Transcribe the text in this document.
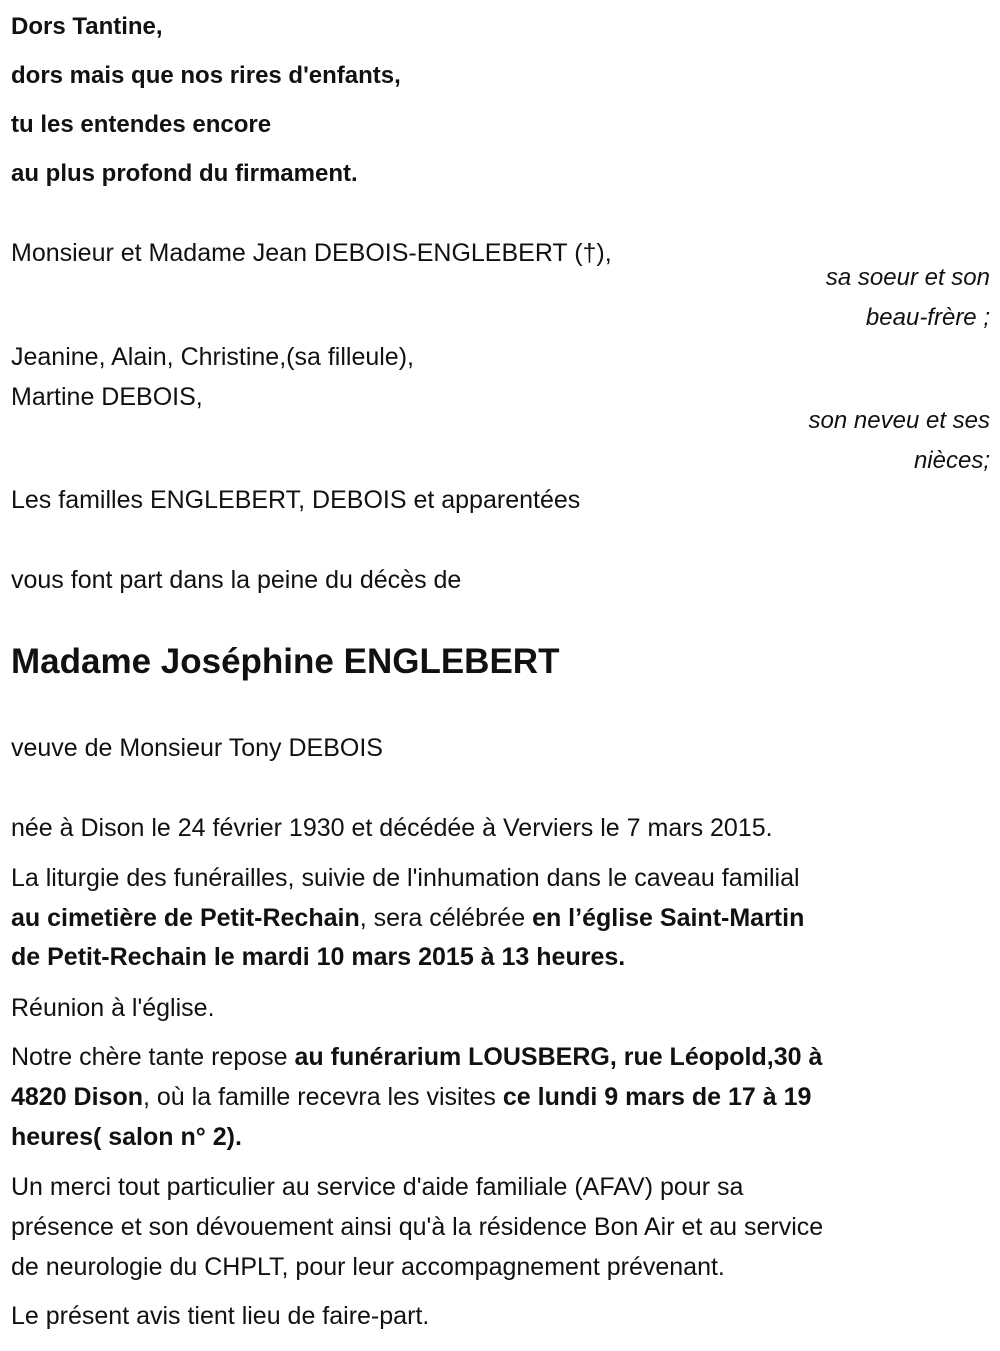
Dors Tantine,
dors mais que nos rires d'enfants,
tu les entendes encore
au plus profond du firmament.
Monsieur et Madame Jean DEBOIS-ENGLEBERT (†),
sa soeur et son
beau-frère ;
Jeanine, Alain, Christine,(sa filleule),
Martine DEBOIS,
son neveu et ses
nièces;
Les familles ENGLEBERT, DEBOIS et apparentées
vous font part dans la peine du décès de
Madame Joséphine ENGLEBERT
veuve de Monsieur Tony DEBOIS
née à Dison le 24 février 1930 et décédée à Verviers le 7 mars 2015.
La liturgie des funérailles, suivie de l'inhumation dans le caveau familial
au cimetière de Petit-Rechain, sera célébrée en l’église Saint-Martin
de Petit-Rechain le mardi 10 mars 2015 à 13 heures.
Réunion à l'église.
Notre chère tante repose au funérarium LOUSBERG, rue Léopold,30 à
4820 Dison, où la famille recevra les visites ce lundi 9 mars de 17 à 19
heures( salon n° 2).
Un merci tout particulier au service d'aide familiale (AFAV) pour sa
présence et son dévouement ainsi qu'à la résidence Bon Air et au service
de neurologie du CHPLT, pour leur accompagnement prévenant.
Le présent avis tient lieu de faire-part.
